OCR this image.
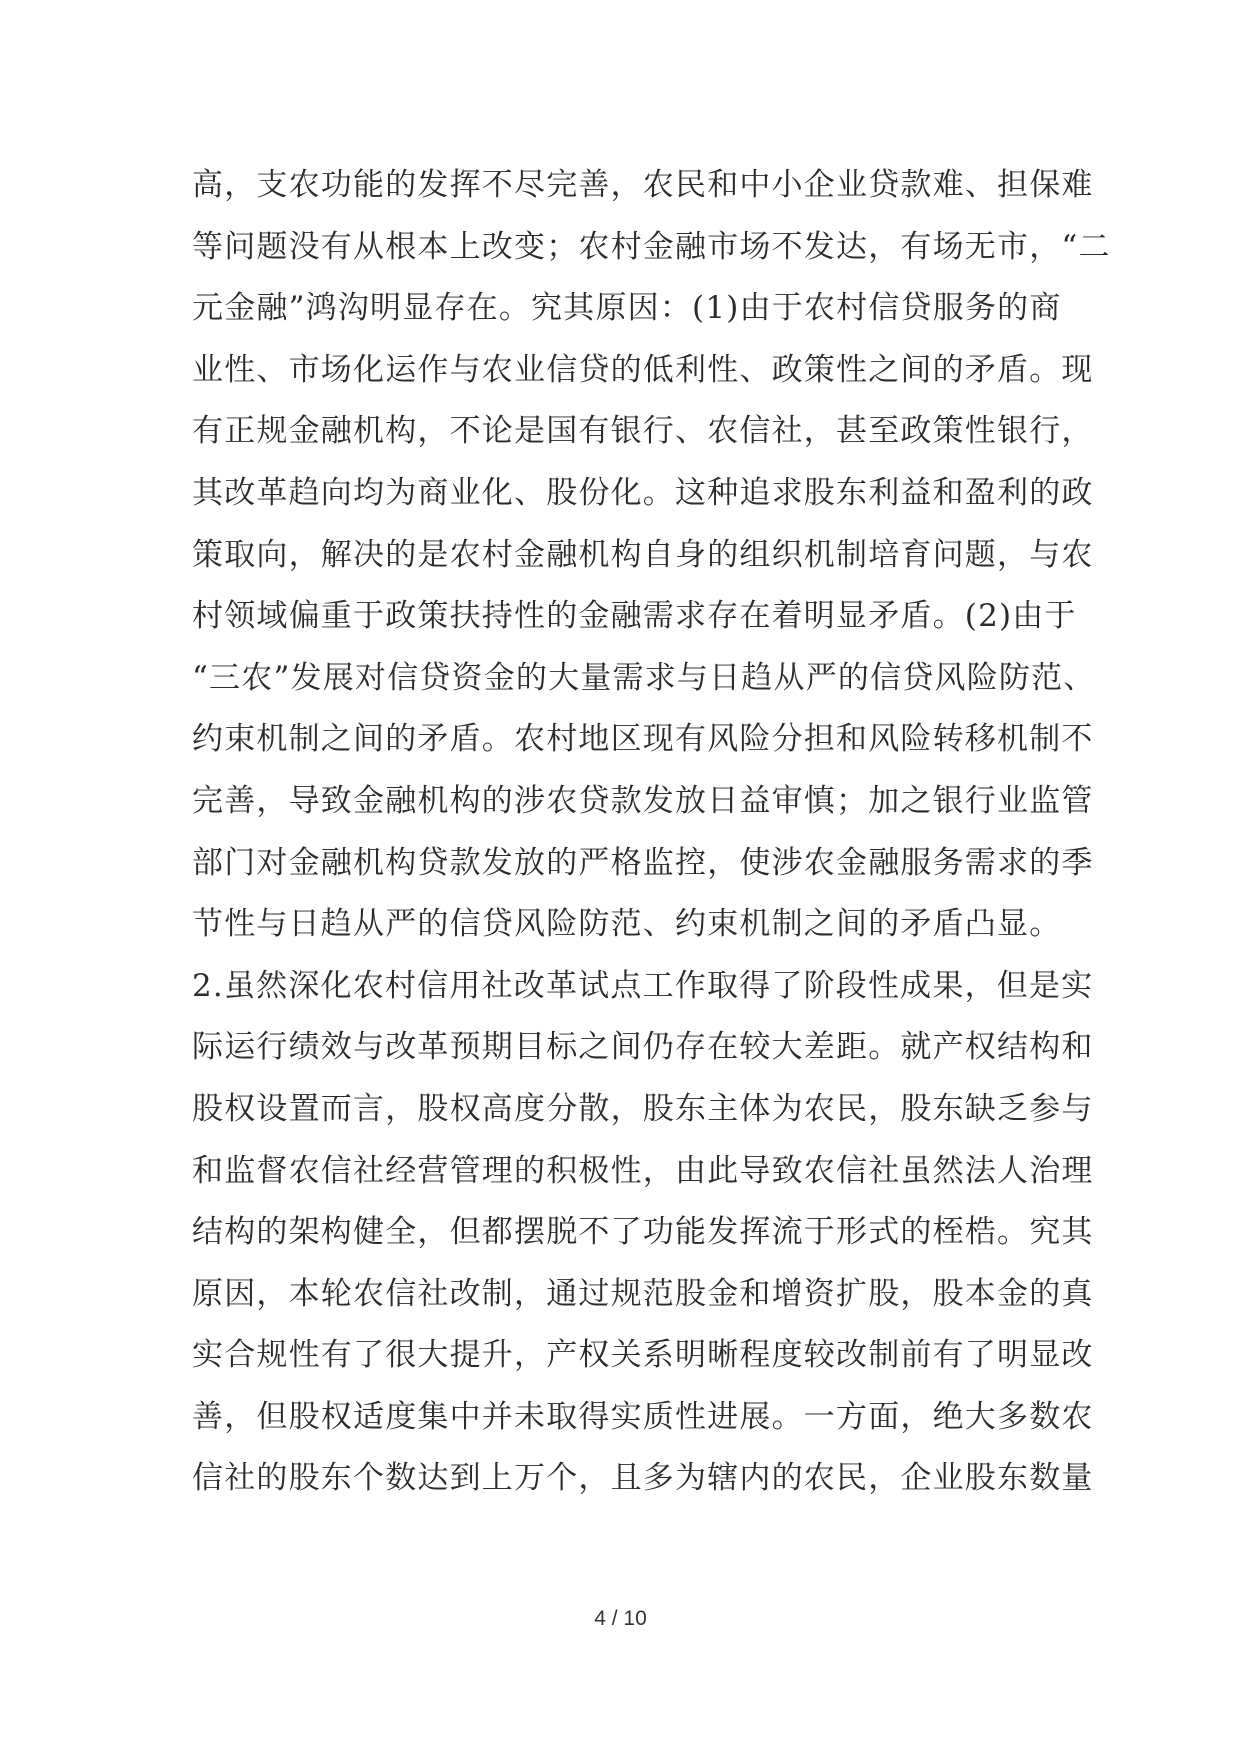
高，支农功能的发挥不尽完善，农民和中小企业贷款难、担保难
等问题没有从根本上改变；农村金融市场不发达，有场无市，“二
元金融”鸿沟明显存在。究其原因：(1)由于农村信贷服务的商
业性、市场化运作与农业信贷的低利性、政策性之间的矛盾。现
有正规金融机构，不论是国有银行、农信社，甚至政策性银行，
其改革趋向均为商业化、股份化。这种追求股东利益和盈利的政
策取向，解决的是农村金融机构自身的组织机制培育问题，与农
村领域偏重于政策扶持性的金融需求存在着明显矛盾。(2)由于
“三农”发展对信贷资金的大量需求与日趋从严的信贷风险防范、
约束机制之间的矛盾。农村地区现有风险分担和风险转移机制不
完善，导致金融机构的涉农贷款发放日益审慎；加之银行业监管
部门对金融机构贷款发放的严格监控，使涉农金融服务需求的季
节性与日趋从严的信贷风险防范、约束机制之间的矛盾凸显。
2.虽然深化农村信用社改革试点工作取得了阶段性成果，但是实
际运行绩效与改革预期目标之间仍存在较大差距。就产权结构和
股权设置而言，股权高度分散，股东主体为农民，股东缺乏参与
和监督农信社经营管理的积极性，由此导致农信社虽然法人治理
结构的架构健全，但都摆脱不了功能发挥流于形式的桎梏。究其
原因，本轮农信社改制，通过规范股金和增资扩股，股本金的真
实合规性有了很大提升，产权关系明晰程度较改制前有了明显改
善，但股权适度集中并未取得实质性进展。一方面，绝大多数农
信社的股东个数达到上万个，且多为辖内的农民，企业股东数量
4 / 10
